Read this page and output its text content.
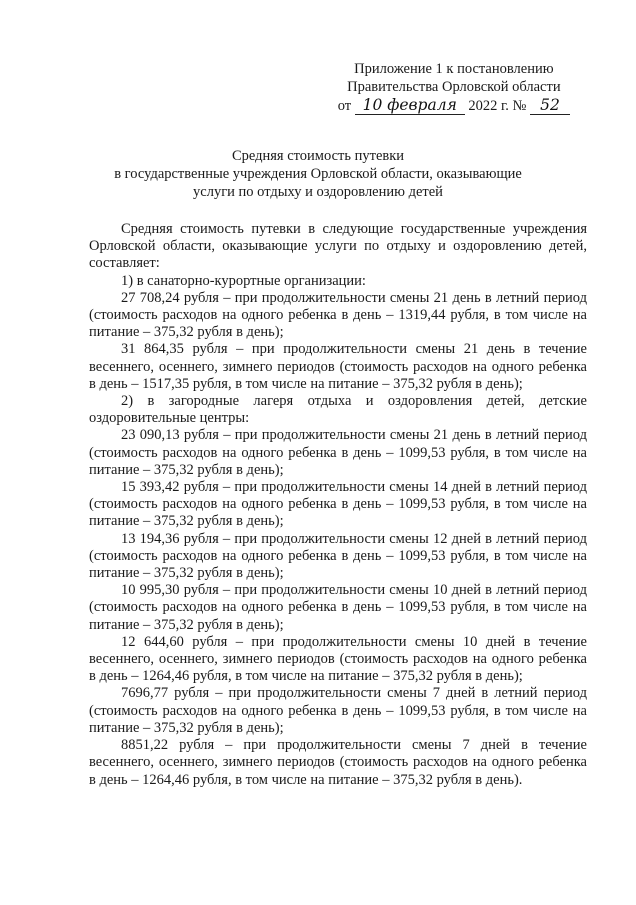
Приложение 1 к постановлению
Правительства Орловской области
от 10 февраля 2022 г. № 52
Средняя стоимость путевки
в государственные учреждения Орловской области, оказывающие
услуги по отдыху и оздоровлению детей

Средняя стоимость путевки в следующие государственные учреждения Орловской области, оказывающие услуги по отдыху и оздоровлению детей, составляет:

1) в санаторно-курортные организации:

27 708,24 рубля – при продолжительности смены 21 день в летний период (стоимость расходов на одного ребенка в день – 1319,44 рубля, в том числе на питание – 375,32 рубля в день);

31 864,35 рубля – при продолжительности смены 21 день в течение весеннего, осеннего, зимнего периодов (стоимость расходов на одного ребенка в день – 1517,35 рубля, в том числе на питание – 375,32 рубля в день);

2) в загородные лагеря отдыха и оздоровления детей, детские оздоровительные центры:

23 090,13 рубля – при продолжительности смены 21 день в летний период (стоимость расходов на одного ребенка в день – 1099,53 рубля, в том числе на питание – 375,32 рубля в день);

15 393,42 рубля – при продолжительности смены 14 дней в летний период (стоимость расходов на одного ребенка в день – 1099,53 рубля, в том числе на питание – 375,32 рубля в день);

13 194,36 рубля – при продолжительности смены 12 дней в летний период (стоимость расходов на одного ребенка в день – 1099,53 рубля, в том числе на питание – 375,32 рубля в день);

10 995,30 рубля – при продолжительности смены 10 дней в летний период (стоимость расходов на одного ребенка в день – 1099,53 рубля, в том числе на питание – 375,32 рубля в день);

12 644,60 рубля – при продолжительности смены 10 дней в течение весеннего, осеннего, зимнего периодов (стоимость расходов на одного ребенка в день – 1264,46 рубля, в том числе на питание – 375,32 рубля в день);

7696,77 рубля – при продолжительности смены 7 дней в летний период (стоимость расходов на одного ребенка в день – 1099,53 рубля, в том числе на питание – 375,32 рубля в день);

8851,22 рубля – при продолжительности смены 7 дней в течение весеннего, осеннего, зимнего периодов (стоимость расходов на одного ребенка в день – 1264,46 рубля, в том числе на питание – 375,32 рубля в день).
